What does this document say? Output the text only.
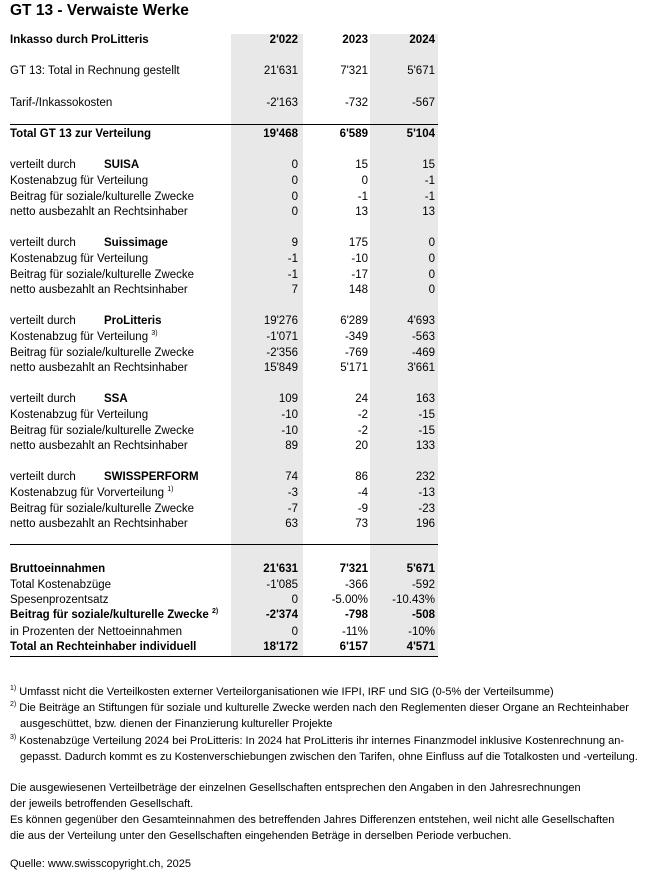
GT 13 - Verwaiste Werke
Inkasso durch ProLitteris	2'022	2023	2024
GT 13: Total in Rechnung gestellt	21'631	7'321	5'671
Tarif-/Inkassokosten	-2'163	-732	-567
Total GT 13 zur Verteilung	19'468	6'589	5'104
verteilt durch SUISA	0	15	15
Kostenabzug für Verteilung	0	0	-1
Beitrag für soziale/kulturelle Zwecke	0	-1	-1
netto ausbezahlt an Rechtsinhaber	0	13	13
verteilt durch Suissimage	9	175	0
Kostenabzug für Verteilung	-1	-10	0
Beitrag für soziale/kulturelle Zwecke	-1	-17	0
netto ausbezahlt an Rechtsinhaber	7	148	0
verteilt durch ProLitteris	19'276	6'289	4'693
Kostenabzug für Verteilung $^{3)}$	-1'071	-349	-563
Beitrag für soziale/kulturelle Zwecke	-2'356	-769	-469
netto ausbezahlt an Rechtsinhaber	15'849	5'171	3'661
verteilt durch SSA	109	24	163
Kostenabzug für Verteilung	-10	-2	-15
Beitrag für soziale/kulturelle Zwecke	-10	-2	-15
netto ausbezahlt an Rechtsinhaber	89	20	133
verteilt durch SWISSPERFORM	74	86	232
Kostenabzug für Vorverteilung $^{1)}$	-3	-4	-13
Beitrag für soziale/kulturelle Zwecke	-7	-9	-23
netto ausbezahlt an Rechtsinhaber	63	73	196
Bruttoeinnahmen	21'631	7'321	5'671
Total Kostenabzüge	-1'085	-366	-592
Spesenprozentsatz	0	-5.00%	-10.43%
Beitrag für soziale/kulturelle Zwecke $^{2)}$	-2'374	-798	-508
in Prozenten der Nettoeinnahmen	0	-11%	-10%
Total an Rechteinhaber individuell	18'172	6'157	4'571
$^{1)}$ Umfasst nicht die Verteilkosten externer Verteilorganisationen wie IFPI, IRF und SIG (0-5% der Verteilsumme)
$^{2)}$ Die Beiträge an Stiftungen für soziale und kulturelle Zwecke werden nach den Reglementen dieser Organe an Rechteinhaber
ausgeschüttet, bzw. dienen der Finanzierung kultureller Projekte
$^{3)}$ Kostenabzüge Verteilung 2024 bei ProLitteris: In 2024 hat ProLitteris ihr internes Finanzmodel inklusive Kostenrechnung an-
gepasst. Dadurch kommt es zu Kostenverschiebungen zwischen den Tarifen, ohne Einfluss auf die Totalkosten und -verteilung.
Die ausgewiesenen Verteilbeträge der einzelnen Gesellschaften entsprechen den Angaben in den Jahresrechnungen
der jeweils betroffenden Gesellschaft.
Es können gegenüber den Gesamteinnahmen des betreffenden Jahres Differenzen entstehen, weil nicht alle Gesellschaften
die aus der Verteilung unter den Gesellschaften eingehenden Beträge in derselben Periode verbuchen.
Quelle: www.swisscopyright.ch, 2025
